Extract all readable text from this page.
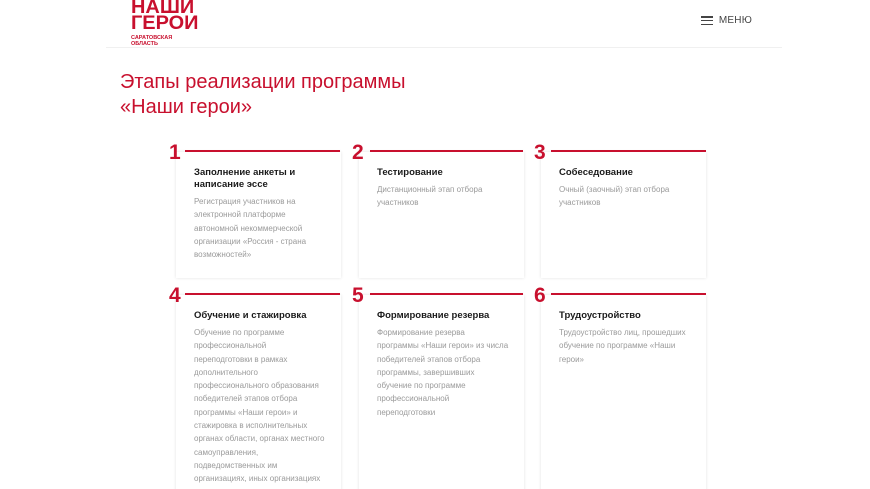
НАШИ
ГЕРОИ
САРАТОВСКАЯ
ОБЛАСТЬ
МЕНЮ
Этапы реализации программы
«Наши герои»
Заполнение анкеты и
написание эссе
Регистрация участников на
электронной платформе
автономной некоммерческой
организации «Россия - страна
возможностей»
1
Тестирование
Дистанционный этап отбора
участников
2
Собеседование
Очный (заочный) этап отбора
участников
3
Обучение и стажировка
Обучение по программе
профессиональной
переподготовки в рамках
дополнительного
профессионального образования
победителей этапов отбора
программы «Наши герои» и
стажировка в исполнительных
органах области, органах местного
самоуправления,
подведомственных им
организациях, иных организациях
4
Формирование резерва
Формирование резерва
программы «Наши герои» из числа
победителей этапов отбора
программы, завершивших
обучение по программе
профессиональной
переподготовки
5
Трудоустройство
Трудоустройство лиц, прошедших
обучение по программе «Наши
герои»
6
